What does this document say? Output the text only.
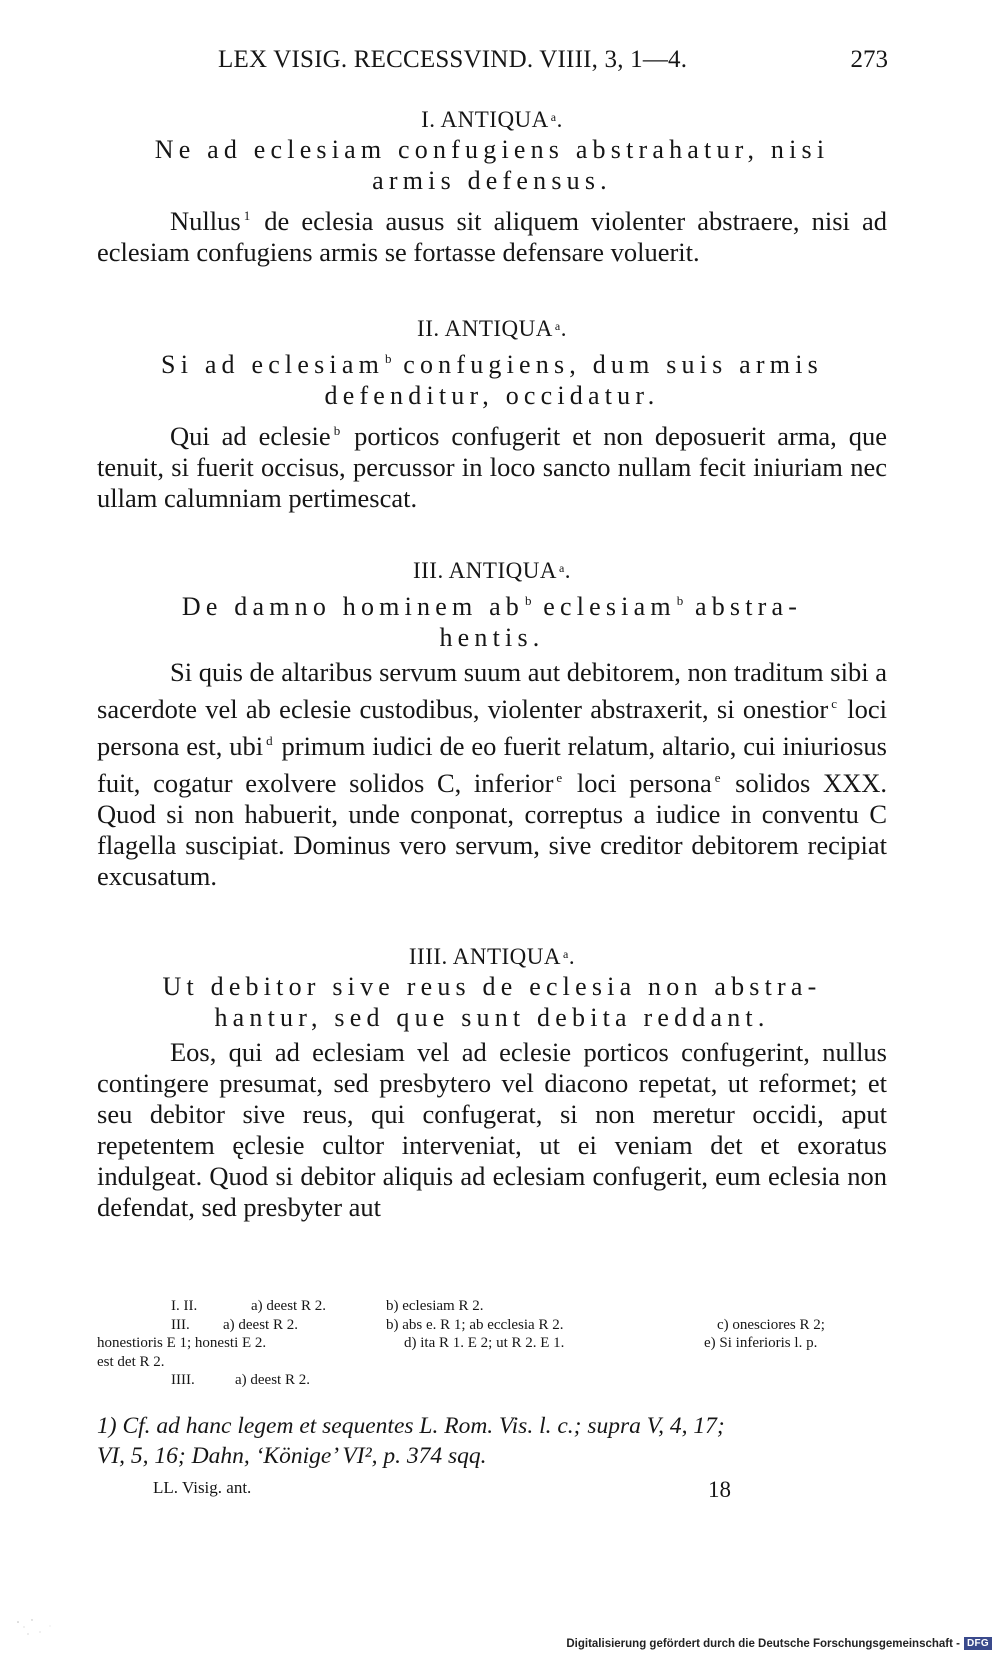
LEX VISIG. RECCESSVIND. VIIII, 3, 1—4.	273

I. ANTIQUA $^a$.

Ne ad eclesiam confugiens abstrahatur, nisi
armis defensus.

Nullus $^1$ de eclesia ausus sit aliquem violenter abstraere, nisi ad eclesiam confugiens armis se fortasse defensare voluerit.

II. ANTIQUA $^a$.

Si ad eclesiam$^b$ confugiens, dum suis armis
defenditur, occidatur.

Qui ad eclesie $^b$ porticos confugerit et non deposuerit arma, que tenuit, si fuerit occisus, percussor in loco sancto nullam fecit iniuriam nec ullam calumniam pertimescat.

III. ANTIQUA $^a$.

De damno hominem $ab^b$ eclesiam$^b$ abstra-
hentis.

Si quis de altaribus servum suum aut debitorem, non traditum sibi a sacerdote vel ab eclesie custodibus, violenter abstraxerit, si onestior $^c$ loci persona est, ubi $^d$ primum iudici de eo fuerit relatum, altario, cui iniuriosus fuit, cogatur exolvere solidos C, inferior $^e$ loci persona $^e$ solidos XXX. Quod si non habuerit, unde conponat, correptus a iudice in conventu C flagella suscipiat. Dominus vero servum, sive creditor debitorem recipiat excusatum.

IIII. ANTIQUA $^a$.

Ut debitor sive reus de eclesia non abstra-
hantur, sed que sunt debita reddant.

Eos, qui ad eclesiam vel ad eclesie porticos confugerint, nullus contingere presumat, sed presbytero vel diacono repetat, ut reformet; et seu debitor sive reus, qui confugerat, si non meretur occidi, aput repetentem ęclesie cultor interveniat, ut ei veniam det et exoratus indulgeat. Quod si debitor aliquis ad eclesiam confugerit, eum eclesia non defendat, sed presbyter aut

I. II.	a) deest R 2.	b) eclesiam R 2.
III.	a) deest R 2.	b) abs e. R 1; ab ecclesia R 2.	c) onesciores R 2;
honestioris E 1; honesti E 2.	d) ita R 1. E 2; ut R 2. E 1.	e) Si inferioris l. p.
est det R 2.
IIII.	a) deest R 2.
1) Cf. ad hanc legem et sequentes L. Rom. Vis. l. c.; supra V, 4, 17;
VI, 5, 16; Dahn, ‘Könige’ VI², p. 374 sqq.
LL. Visig. ant.	18
Digitalisierung gefördert durch die Deutsche Forschungsgemeinschaft - DFG
